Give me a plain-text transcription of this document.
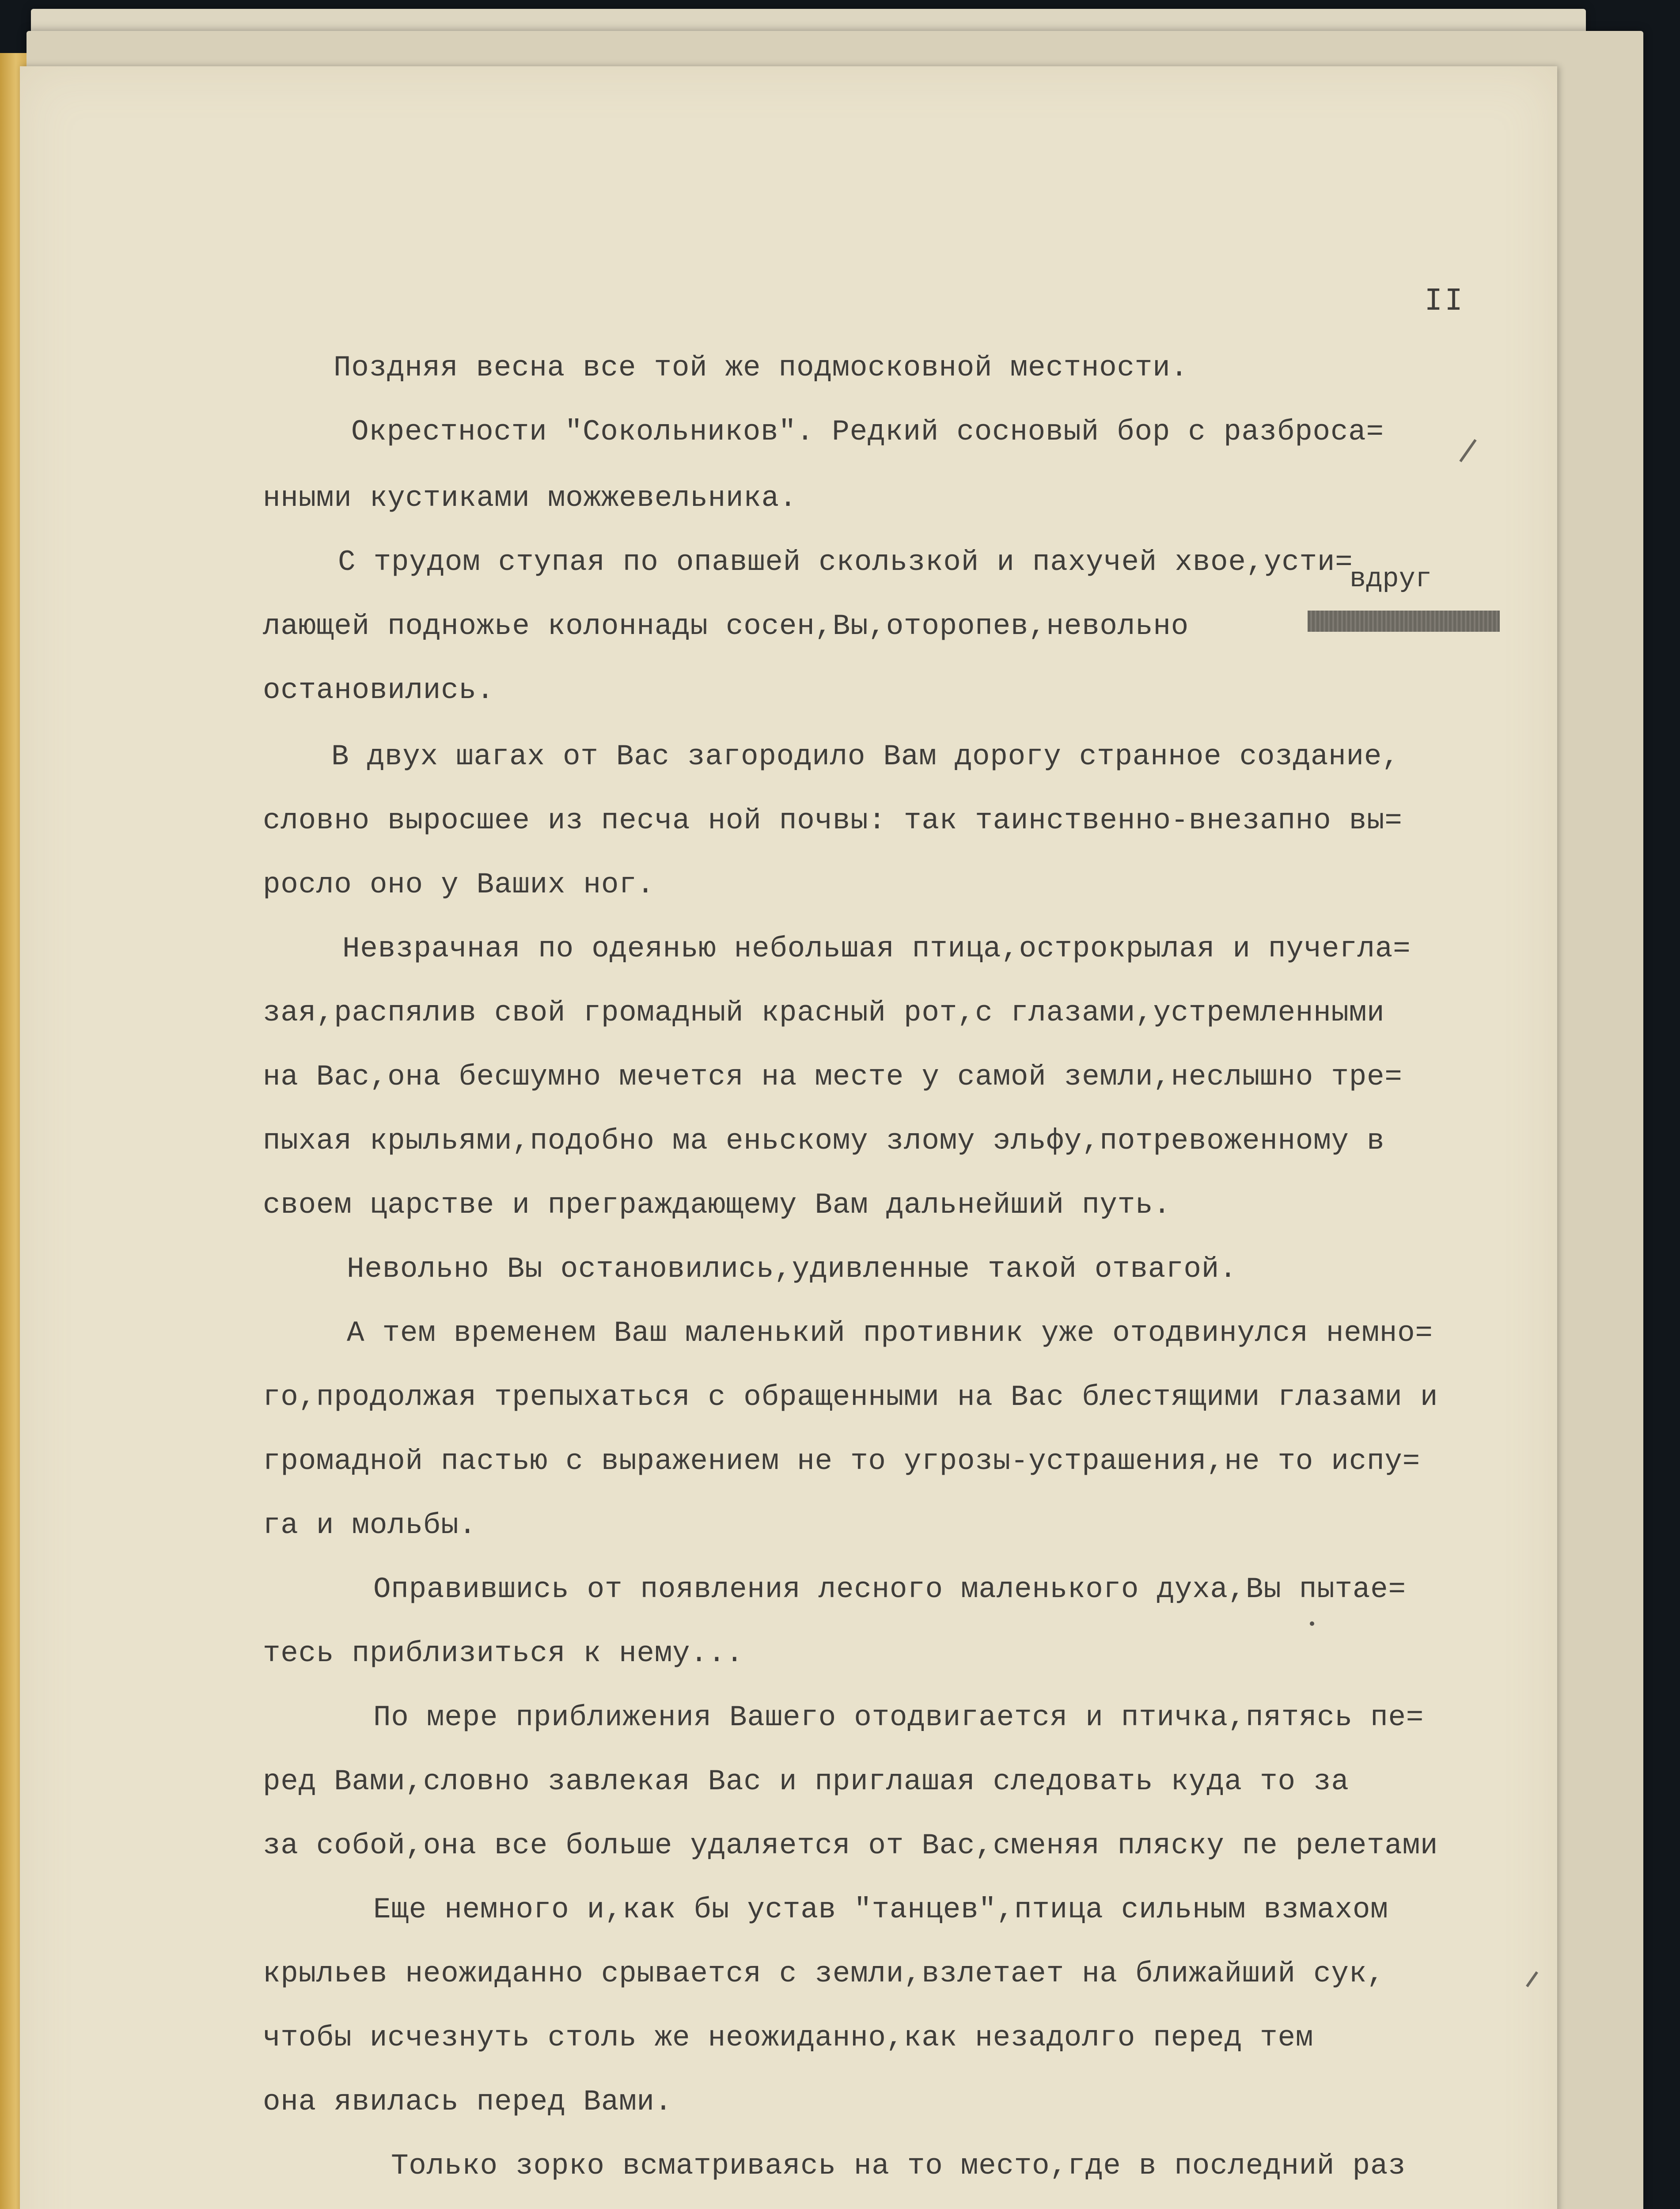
II
Поздняя весна все той же подмосковной местности.
Окрестности "Сокольников". Редкий сосновый бор с разброса=
нными кустиками можжевельника.
С трудом ступая по опавшей скользкой и пахучей хвое,усти=
вдруг
лающей подножье колоннады сосен,Вы,оторопев,невольно
остановились.
В двух шагах от Вас загородило Вам дорогу странное создание,
словно выросшее из песча ной почвы: так таинственно-внезапно вы=
росло оно у Ваших ног.
Невзрачная по одеянью небольшая птица,острокрылая и пучегла=
зая,распялив свой громадный красный рот,с глазами,устремленными
на Вас,она бесшумно мечется на месте у самой земли,неслышно тре=
пыхая крыльями,подобно ма еньскому злому эльфу,потревоженному в
своем царстве и преграждающему Вам дальнейший путь.
Невольно Вы остановились,удивленные такой отвагой.
А тем временем Ваш маленький противник уже отодвинулся немно=
го,продолжая трепыхаться с обращенными на Вас блестящими глазами и
громадной пастью с выражением не то угрозы-устрашения,не то испу=
га и мольбы.
Оправившись от появления лесного маленького духа,Вы пытае=
тесь приблизиться к нему...
По мере приближения Вашего отодвигается и птичка,пятясь пе=
ред Вами,словно завлекая Вас и приглашая следовать куда то за
за собой,она все больше удаляется от Вас,сменяя пляску пе релетами
Еще немного и,как бы устав "танцев",птица сильным взмахом
крыльев неожиданно срывается с земли,взлетает на ближайший сук,
чтобы исчезнуть столь же неожиданно,как незадолго перед тем
она явилась перед Вами.
Только зорко всматриваясь на то место,где в последний раз
